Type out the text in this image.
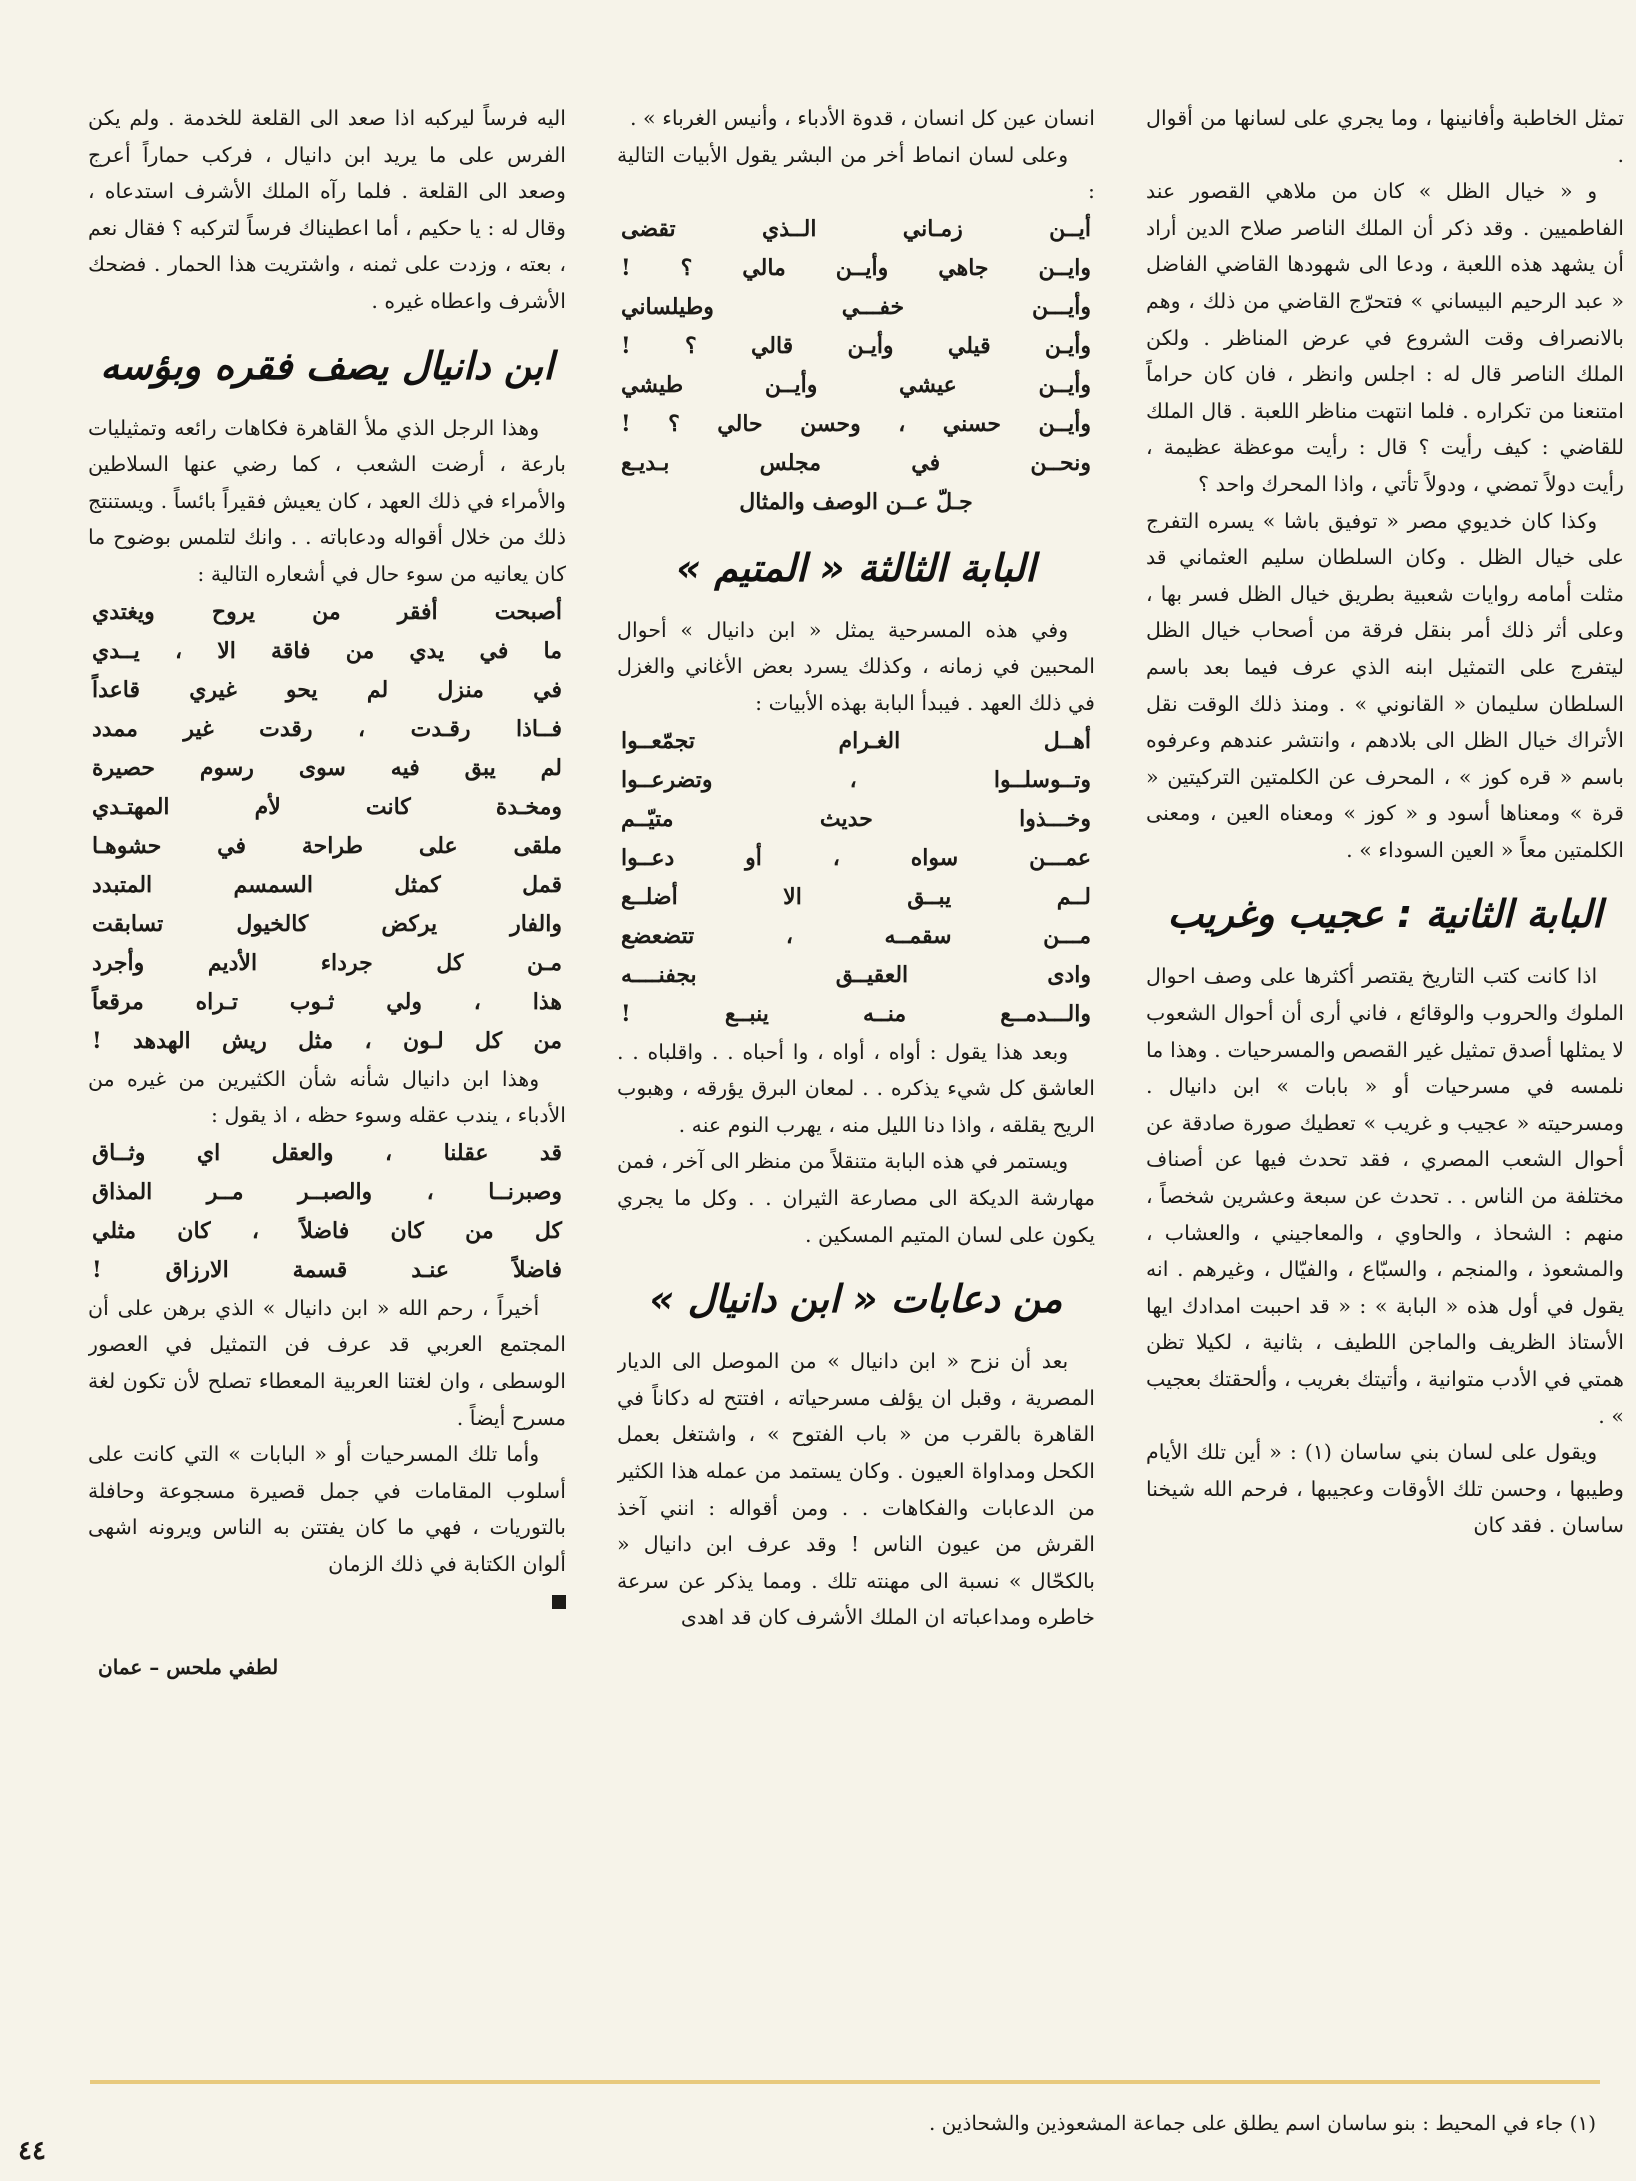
تمثل الخاطبة وأفانينها ، وما يجري على لسانها من أقوال .

و « خيال الظل » كان من ملاهي القصور عند الفاطميين . وقد ذكر أن الملك الناصر صلاح الدين أراد أن يشهد هذه اللعبة ، ودعا الى شهودها القاضي الفاضل « عبد الرحيم البيساني » فتحرّج القاضي من ذلك ، وهم بالانصراف وقت الشروع في عرض المناظر . ولكن الملك الناصر قال له : اجلس وانظر ، فان كان حراماً امتنعنا من تكراره . فلما انتهت مناظر اللعبة . قال الملك للقاضي : كيف رأيت ؟ قال : رأيت موعظة عظيمة ، رأيت دولاً تمضي ، ودولاً تأتي ، واذا المحرك واحد ؟

وكذا كان خديوي مصر « توفيق باشا » يسره التفرج على خيال الظل . وكان السلطان سليم العثماني قد مثلت أمامه روايات شعبية بطريق خيال الظل فسر بها ، وعلى أثر ذلك أمر بنقل فرقة من أصحاب خيال الظل ليتفرج على التمثيل ابنه الذي عرف فيما بعد باسم السلطان سليمان « القانوني » . ومنذ ذلك الوقت نقل الأتراك خيال الظل الى بلادهم ، وانتشر عندهم وعرفوه باسم « قره كوز » ، المحرف عن الكلمتين التركيتين « قرة » ومعناها أسود و « كوز » ومعناه العين ، ومعنى الكلمتين معاً « العين السوداء » .

البابة الثانية : عجيب وغريب

اذا كانت كتب التاريخ يقتصر أكثرها على وصف احوال الملوك والحروب والوقائع ، فاني أرى أن أحوال الشعوب لا يمثلها أصدق تمثيل غير القصص والمسرحيات . وهذا ما نلمسه في مسرحيات أو « بابات » ابن دانيال . ومسرحيته « عجيب و غريب » تعطيك صورة صادقة عن أحوال الشعب المصري ، فقد تحدث فيها عن أصناف مختلفة من الناس . . تحدث عن سبعة وعشرين شخصاً ، منهم : الشحاذ ، والحاوي ، والمعاجيني ، والعشاب ، والمشعوذ ، والمنجم ، والسبّاع ، والفيّال ، وغيرهم . انه يقول في أول هذه « البابة » : « قد احببت امدادك ايها الأستاذ الظريف والماجن اللطيف ، بثانية ، لكيلا تظن همتي في الأدب متوانية ، وأتيتك بغريب ، وألحقتك بعجيب » .

ويقول على لسان بني ساسان (١) : « أين تلك الأيام وطيبها ، وحسن تلك الأوقات وعجيبها ، فرحم الله شيخنا ساسان . فقد كان

انسان عين كل انسان ، قدوة الأدباء ، وأنيس الغرباء » .

وعلى لسان انماط أخر من البشر يقول الأبيات التالية :

أيــن زمـاني الــذي تقضى

وايــن جاهي وأيــن مالي ؟ !

وأيـــن خفـــي وطيلساني

وأيـن قيلي وأيـن قالي ؟ !

وأيــن عيشي وأيــن طيشي

وأيــن حسني ، وحسن حالي ؟ !

ونحــن في مجلس بـديـع

جـلّ عــن الوصف والمثال

البابة الثالثة « المتيم »

وفي هذه المسرحية يمثل « ابن دانيال » أحوال المحبين في زمانه ، وكذلك يسرد بعض الأغاني والغزل في ذلك العهد . فيبدأ البابة بهذه الأبيات :

أهــل الغـرام تجمّعــوا

وتــوسلــوا ، وتضرعــوا

وخـــذوا حديث متيّــم

عمـــن سواه ، أو دعــوا

لــم يبــق الا أضلــع

مـــن سقمــه ، تتضعضع

وادى العقيــق بجفنــــه

والـــدمــع منــه ينبــع !

وبعد هذا يقول : أواه ، أواه ، وا أحباه . . واقلباه . . العاشق كل شيء يذكره . . لمعان البرق يؤرقه ، وهبوب الريح يقلقه ، واذا دنا الليل منه ، يهرب النوم عنه .

ويستمر في هذه البابة متنقلاً من منظر الى آخر ، فمن مهارشة الديكة الى مصارعة الثيران . . وكل ما يجري يكون على لسان المتيم المسكين .

من دعابات « ابن دانيال »

بعد أن نزح « ابن دانيال » من الموصل الى الديار المصرية ، وقبل ان يؤلف مسرحياته ، افتتح له دكاناً في القاهرة بالقرب من « باب الفتوح » ، واشتغل بعمل الكحل ومداواة العيون . وكان يستمد من عمله هذا الكثير من الدعابات والفكاهات . . ومن أقواله : انني آخذ القرش من عيون الناس ! وقد عرف ابن دانيال « بالكحّال » نسبة الى مهنته تلك . ومما يذكر عن سرعة خاطره ومداعباته ان الملك الأشرف كان قد اهدى

اليه فرساً ليركبه اذا صعد الى القلعة للخدمة . ولم يكن الفرس على ما يريد ابن دانيال ، فركب حماراً أعرج وصعد الى القلعة . فلما رآه الملك الأشرف استدعاه ، وقال له : يا حكيم ، أما اعطيناك فرساً لتركبه ؟ فقال نعم ، بعته ، وزدت على ثمنه ، واشتريت هذا الحمار . فضحك الأشرف واعطاه غيره .

ابن دانيال يصف فقره وبؤسه

وهذا الرجل الذي ملأ القاهرة فكاهات رائعه وتمثيليات بارعة ، أرضت الشعب ، كما رضي عنها السلاطين والأمراء في ذلك العهد ، كان يعيش فقيراً بائساً . ويستنتج ذلك من خلال أقواله ودعاباته . . وانك لتلمس بوضوح ما كان يعانيه من سوء حال في أشعاره التالية :

أصبحت أفقر من يروح ويغتدي

ما في يدي من فاقة الا ، يــدي

في منزل لم يحو غيري قاعداً

فــاذا رقـدت ، رقدت غير ممدد

لم يبق فيه سوى رسوم حصيرة

ومخـدة كانت لأم المهتـدي

ملقى على طراحة في حشوهـا

قمل كمثل السمسم المتبدد

والفار يركض كالخيول تسابقت

مـن كل جرداء الأديم وأجرد

هذا ، ولي ثـوب تـراه مرقعاً

من كل لـون ، مثل ريش الهدهد !

وهذا ابن دانيال شأنه شأن الكثيرين من غيره من الأدباء ، يندب عقله وسوء حظه ، اذ يقول :

قد عقلنا ، والعقل اي وثــاق

وصبرنــا ، والصبــر مــر المذاق

كل من كان فاضلاً ، كان مثلي

فاضلاً عنـد قسمة الارزاق !

أخيراً ، رحم الله « ابن دانيال » الذي برهن على أن المجتمع العربي قد عرف فن التمثيل في العصور الوسطى ، وان لغتنا العربية المعطاء تصلح لأن تكون لغة مسرح أيضاً .

وأما تلك المسرحيات أو « البابات » التي كانت على أسلوب المقامات في جمل قصيرة مسجوعة وحافلة بالتوريات ، فهي ما كان يفتتن به الناس ويرونه اشهى ألوان الكتابة في ذلك الزمان

لطفي ملحس – عمان
(١) جاء في المحيط : بنو ساسان اسم يطلق على جماعة المشعوذين والشحاذين .
٤٤
